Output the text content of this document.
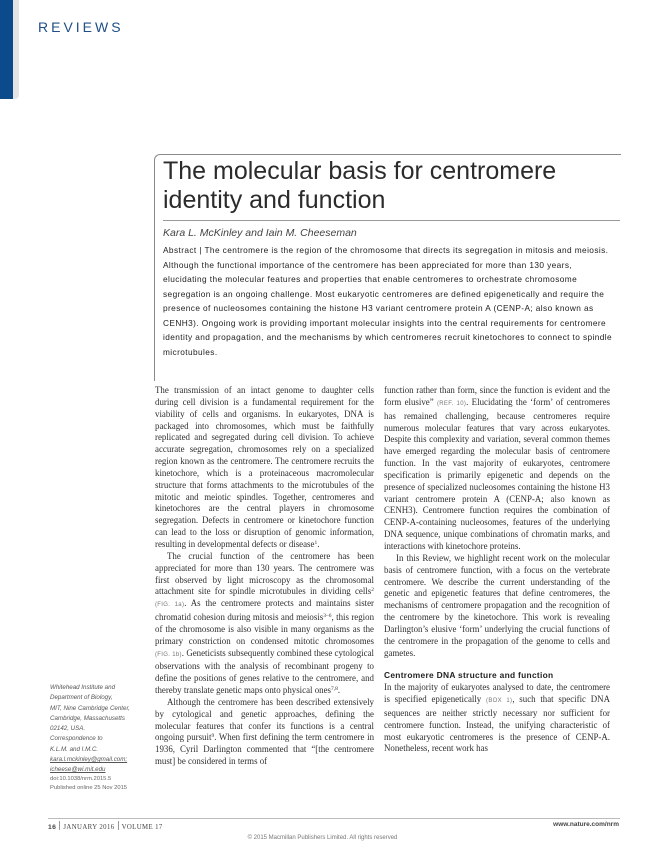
REVIEWS
The molecular basis for centromere identity and function
Kara L. McKinley and Iain M. Cheeseman
Abstract | The centromere is the region of the chromosome that directs its segregation in mitosis and meiosis. Although the functional importance of the centromere has been appreciated for more than 130 years, elucidating the molecular features and properties that enable centromeres to orchestrate chromosome segregation is an ongoing challenge. Most eukaryotic centromeres are defined epigenetically and require the presence of nucleosomes containing the histone H3 variant centromere protein A (CENP-A; also known as CENH3). Ongoing work is providing important molecular insights into the central requirements for centromere identity and propagation, and the mechanisms by which centromeres recruit kinetochores to connect to spindle microtubules.

The transmission of an intact genome to daughter cells during cell division is a fundamental requirement for the viability of cells and organisms. In eukaryotes, DNA is packaged into chromosomes, which must be faithfully replicated and segregated during cell division. To achieve accurate segregation, chromosomes rely on a specialized region known as the centromere. The centromere recruits the kinetochore, which is a proteinaceous macromolecular structure that forms attachments to the microtubules of the mitotic and meiotic spindles. Together, centromeres and kinetochores are the central players in chromosome segregation. Defects in centromere or kinetochore function can lead to the loss or disruption of genomic information, resulting in developmental defects or disease$^1$.

The crucial function of the centromere has been appreciated for more than 130 years. The centromere was first observed by light microscopy as the chromosomal attachment site for spindle microtubules in dividing cells$^2$ (FIG. 1a). As the centromere protects and maintains sister chromatid cohesion during mitosis and meiosis$^{3-6}$, this region of the chromosome is also visible in many organisms as the primary constriction on condensed mitotic chromosomes (FIG. 1b). Geneticists subsequently combined these cytological observations with the analysis of recombinant progeny to define the positions of genes relative to the centromere, and thereby translate genetic maps onto physical ones$^{7,8}$.

Although the centromere has been described extensively by cytological and genetic approaches, defining the molecular features that confer its functions is a central ongoing pursuit$^9$. When first defining the term centromere in 1936, Cyril Darlington commented that “[the centromere must] be considered in terms of

function rather than form, since the function is evident and the form elusive” (REF. 10). Elucidating the ‘form’ of centromeres has remained challenging, because centromeres require numerous molecular features that vary across eukaryotes. Despite this complexity and variation, several common themes have emerged regarding the molecular basis of centromere function. In the vast majority of eukaryotes, centromere specification is primarily epigenetic and depends on the presence of specialized nucleosomes containing the histone H3 variant centromere protein A (CENP-A; also known as CENH3). Centromere function requires the combination of CENP-A-containing nucleosomes, features of the underlying DNA sequence, unique combinations of chromatin marks, and interactions with kinetochore proteins.

In this Review, we highlight recent work on the molecular basis of centromere function, with a focus on the vertebrate centromere. We describe the current understanding of the genetic and epigenetic features that define centromeres, the mechanisms of centromere propagation and the recognition of the centromere by the kinetochore. This work is revealing Darlington’s elusive ‘form’ underlying the crucial functions of the centromere in the propagation of the genome to cells and gametes.

Centromere DNA structure and function

In the majority of eukaryotes analysed to date, the centromere is specified epigenetically (BOX 1), such that specific DNA sequences are neither strictly necessary nor sufficient for centromere function. Instead, the unifying characteristic of most eukaryotic centromeres is the presence of CENP-A. Nonetheless, recent work has

Whitehead Institute and
Department of Biology,
MIT, Nine Cambridge Center,
Cambridge, Massachusetts
02142, USA.
Correspondence to
K.L.M. and I.M.C.
kara.l.mckinley@gmail.com;
icheese@wi.mit.edu
doi:10.1038/nrm.2015.5
Published online 25 Nov 2015
16 JANUARY 2016 VOLUME 17	www.nature.com/nrm
© 2015 Macmillan Publishers Limited. All rights reserved
